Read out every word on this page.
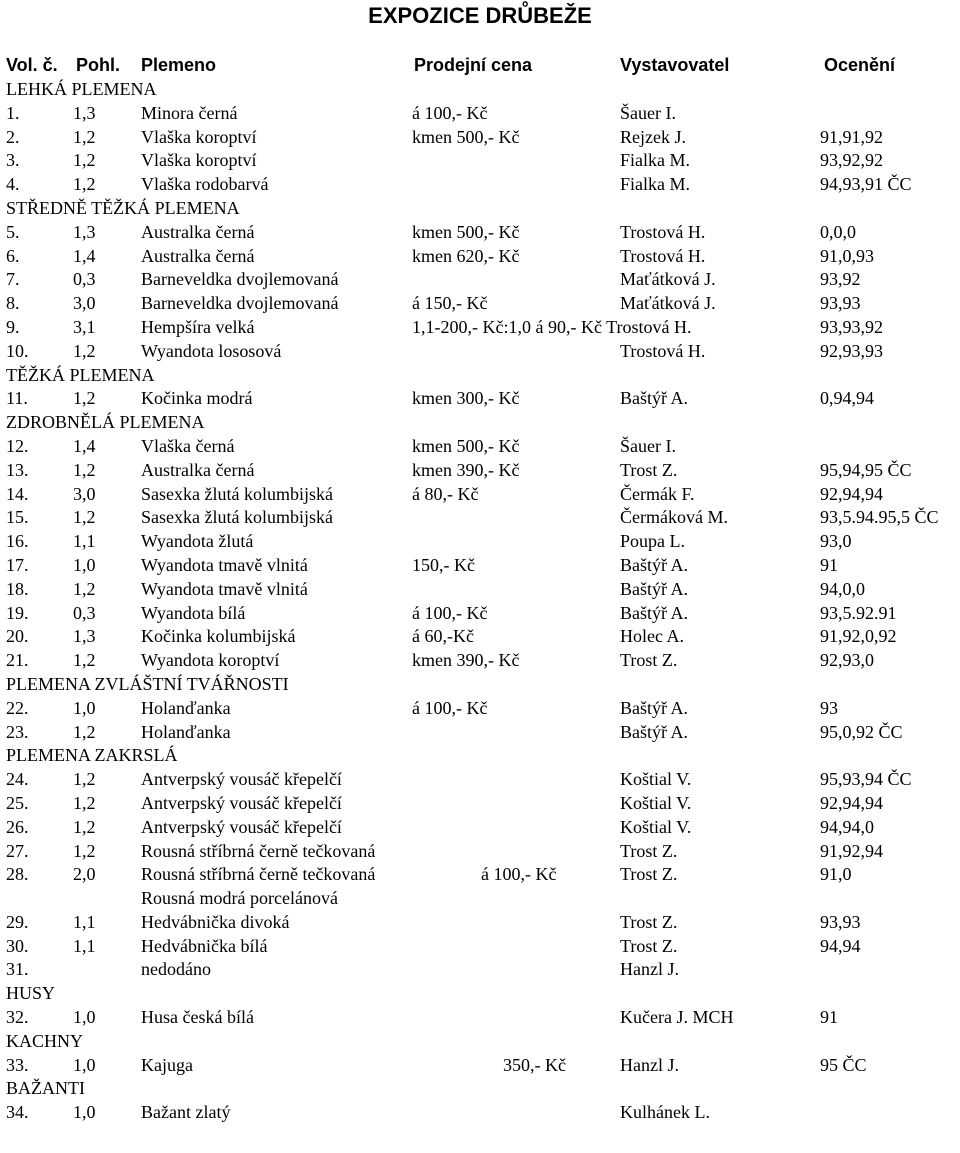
EXPOZICE DRŮBEŽE
Vol. č. Pohl. Plemeno	Prodejní cena	Vystavovatel	Ocenění
LEHKÁ PLEMENA
1.	1,3	Minora černá	á 100,- Kč	Šauer I.
2.	1,2	Vlaška koroptví	kmen 500,- Kč	Rejzek J.	91,91,92
3.	1,2	Vlaška koroptví	Fialka M.	93,92,92
4.	1,2	Vlaška rodobarvá	Fialka M.	94,93,91 ČC
STŘEDNĚ TĚŽKÁ PLEMENA
5.	1,3	Australka černá	kmen 500,- Kč	Trostová H.	0,0,0
6.	1,4	Australka černá	kmen 620,- Kč	Trostová H.	91,0,93
7.	0,3	Barneveldka dvojlemovaná	Maťátková J.	93,92
8.	3,0	Barneveldka dvojlemovaná	á 150,- Kč	Maťátková J.	93,93
9.	3,1	Hempšíra velká	1,1-200,- Kč:1,0 á 90,- Kč Trostová H.	93,93,92
10. 1,2	Wyandota lososová	Trostová H.	92,93,93
TĚŽKÁ PLEMENA
11.	1,2	Kočinka modrá	kmen 300,- Kč	Baštýř A.	0,94,94
ZDROBNĚLÁ PLEMENA
12. 1,4	Vlaška černá	kmen 500,- Kč	Šauer I.
13. 1,2	Australka černá	kmen 390,- Kč	Trost Z.	95,94,95 ČC
14. 3,0	Sasexka žlutá kolumbijská	á 80,- Kč	Čermák F.	92,94,94
15. 1,2	Sasexka žlutá kolumbijská	Čermáková M.	93,5.94.95,5 ČC
16. 1,1	Wyandota žlutá	Poupa L.	93,0
17. 1,0	Wyandota tmavě vlnitá	150,- Kč	Baštýř A.	91
18. 1,2	Wyandota tmavě vlnitá	Baštýř A.	94,0,0
19. 0,3	Wyandota bílá	á 100,- Kč	Baštýř A.	93,5.92.91
20. 1,3	Kočinka kolumbijská	á 60,-Kč	Holec A.	91,92,0,92
21. 1,2	Wyandota koroptví	kmen 390,- Kč	Trost Z.	92,93,0
PLEMENA ZVLÁŠTNÍ TVÁŘNOSTI
22. 1,0	Holanďanka	á 100,- Kč	Baštýř A.	93
23. 1,2	Holanďanka	Baštýř A.	95,0,92 ČC
PLEMENA ZAKRSLÁ
24. 1,2	Antverpský vousáč křepelčí	Koštial V.	95,93,94 ČC
25. 1,2	Antverpský vousáč křepelčí	Koštial V.	92,94,94
26. 1,2	Antverpský vousáč křepelčí	Koštial V.	94,94,0
27. 1,2	Rousná stříbrná černě tečkovaná	Trost Z.	91,92,94
28. 2,0	Rousná stříbrná černě tečkovaná	á 100,- Kč	Trost Z.	91,0
Rousná modrá porcelánová
29. 1,1	Hedvábnička divoká	Trost Z.	93,93
30. 1,1	Hedvábnička bílá	Trost Z.	94,94
31.	nedodáno	Hanzl J.
HUSY
32. 1,0	Husa česká bílá	Kučera J. MCH	91
KACHNY
33. 1,0	Kajuga	350,- Kč	Hanzl J.	95 ČC
BAŽANTI
34. 1,0	Bažant zlatý	Kulhánek L.
